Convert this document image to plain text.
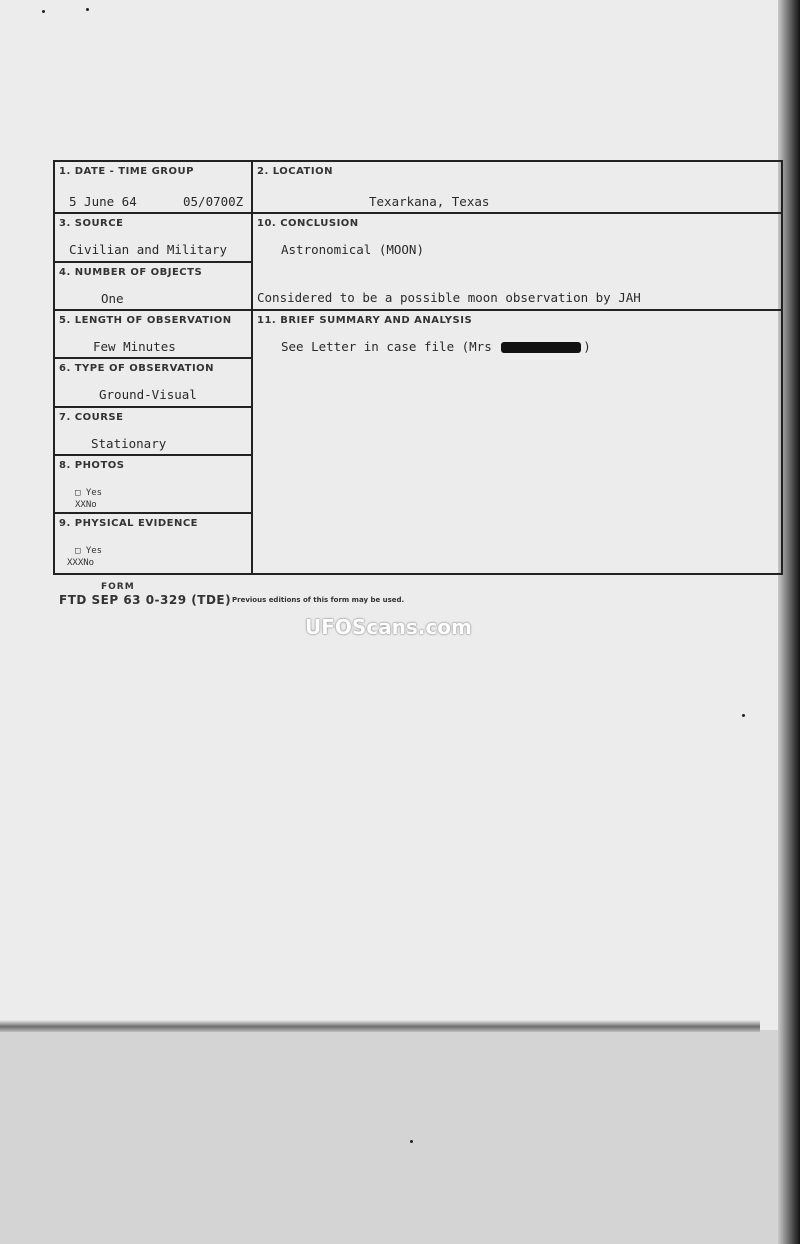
1. DATE - TIME GROUP
5 June 64	05/0700Z
2. LOCATION
Texarkana, Texas
3. SOURCE
Civilian and Military
10. CONCLUSION
Astronomical (MOON)
Considered to be a possible moon observation by JAH
4. NUMBER OF OBJECTS
One
5. LENGTH OF OBSERVATION
Few Minutes
11. BRIEF SUMMARY AND ANALYSIS
See Letter in case file (Mrs	)
6. TYPE OF OBSERVATION
Ground-Visual
7. COURSE
Stationary
8. PHOTOS
□ Yes
XXNo
9. PHYSICAL EVIDENCE
□ Yes
XXXNo
FORM
FTD SEP 63 0-329 (TDE) Previous editions of this form may be used.
UFOScans.com
